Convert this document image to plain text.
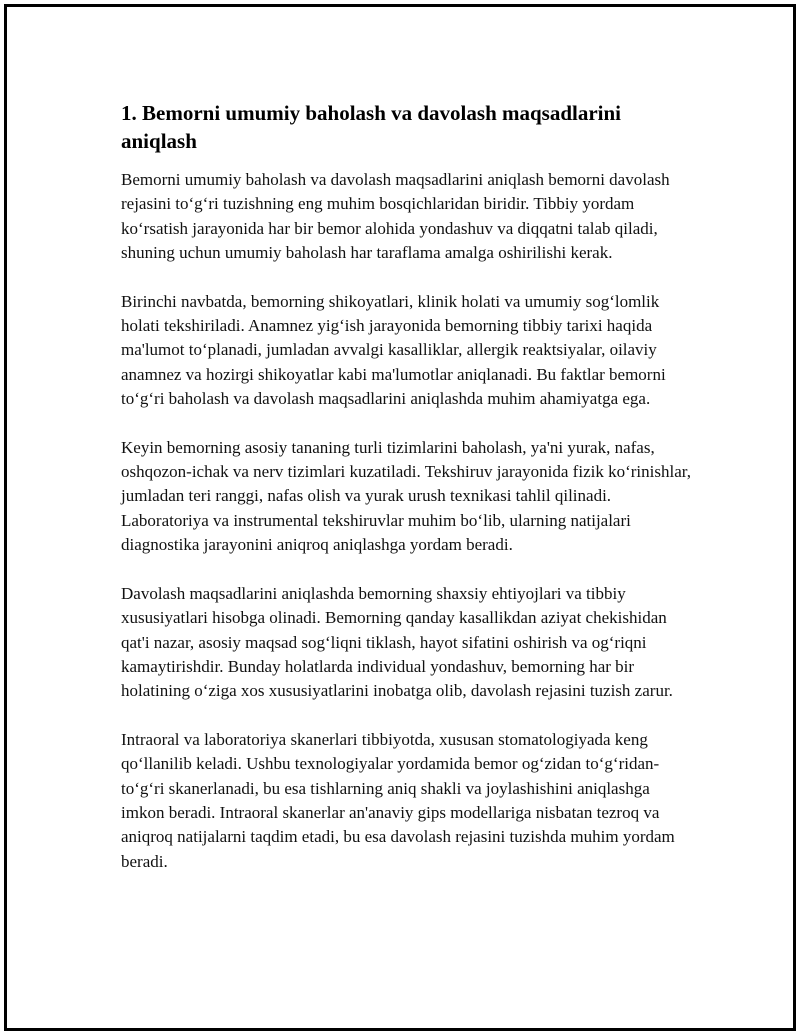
1. Bemorni umumiy baholash va davolash maqsadlarini aniqlash

Bemorni umumiy baholash va davolash maqsadlarini aniqlash bemorni davolash rejasini to‘g‘ri tuzishning eng muhim bosqichlaridan biridir. Tibbiy yordam ko‘rsatish jarayonida har bir bemor alohida yondashuv va diqqatni talab qiladi, shuning uchun umumiy baholash har taraflama amalga oshirilishi kerak.

Birinchi navbatda, bemorning shikoyatlari, klinik holati va umumiy sog‘lomlik holati tekshiriladi. Anamnez yig‘ish jarayonida bemorning tibbiy tarixi haqida ma'lumot to‘planadi, jumladan avvalgi kasalliklar, allergik reaktsiyalar, oilaviy anamnez va hozirgi shikoyatlar kabi ma'lumotlar aniqlanadi. Bu faktlar bemorni to‘g‘ri baholash va davolash maqsadlarini aniqlashda muhim ahamiyatga ega.

Keyin bemorning asosiy tananing turli tizimlarini baholash, ya'ni yurak, nafas, oshqozon-ichak va nerv tizimlari kuzatiladi. Tekshiruv jarayonida fizik ko‘rinishlar, jumladan teri ranggi, nafas olish va yurak urush texnikasi tahlil qilinadi. Laboratoriya va instrumental tekshiruvlar muhim bo‘lib, ularning natijalari diagnostika jarayonini aniqroq aniqlashga yordam beradi.

Davolash maqsadlarini aniqlashda bemorning shaxsiy ehtiyojlari va tibbiy xususiyatlari hisobga olinadi. Bemorning qanday kasallikdan aziyat chekishidan qat'i nazar, asosiy maqsad sog‘liqni tiklash, hayot sifatini oshirish va og‘riqni kamaytirishdir. Bunday holatlarda individual yondashuv, bemorning har bir holatining o‘ziga xos xususiyatlarini inobatga olib, davolash rejasini tuzish zarur.

Intraoral va laboratoriya skanerlari tibbiyotda, xususan stomatologiyada keng qo‘llanilib keladi. Ushbu texnologiyalar yordamida bemor og‘zidan to‘g‘ridan-to‘g‘ri skanerlanadi, bu esa tishlarning aniq shakli va joylashishini aniqlashga imkon beradi. Intraoral skanerlar an'anaviy gips modellariga nisbatan tezroq va aniqroq natijalarni taqdim etadi, bu esa davolash rejasini tuzishda muhim yordam beradi.
